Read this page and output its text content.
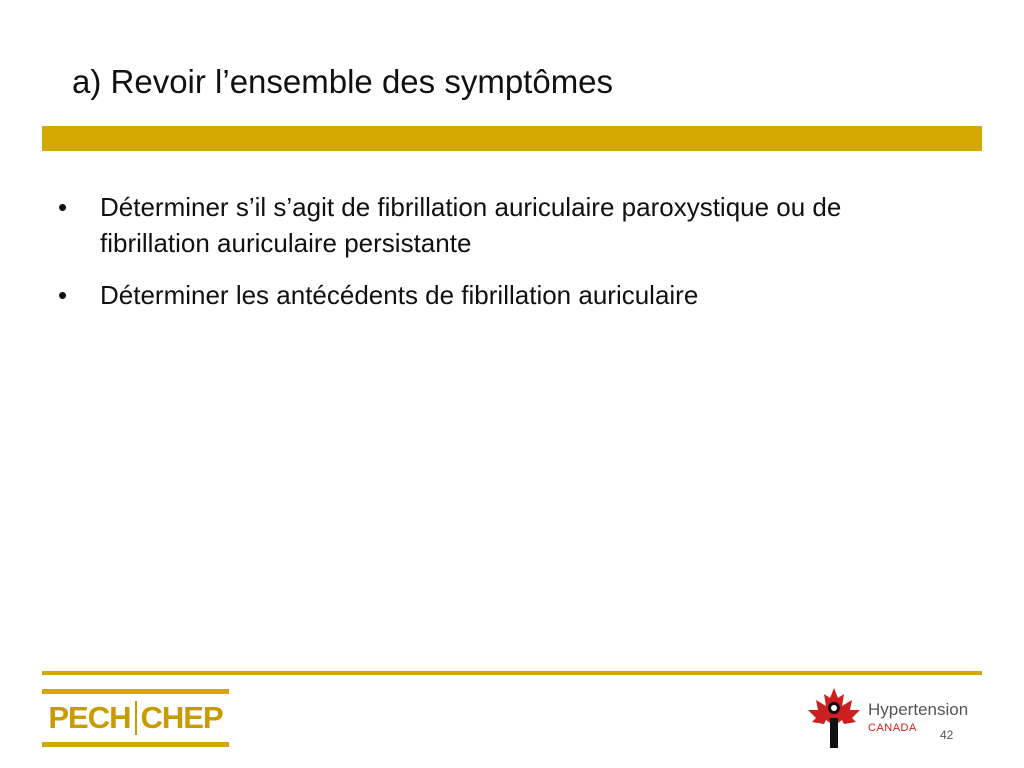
a) Revoir l’ensemble des symptômes
• Déterminer s’il s’agit de fibrillation auriculaire paroxystique ou de fibrillation auriculaire persistante
• Déterminer les antécédents de fibrillation auriculaire
PECH CHEP	Hypertension
CANADA 42
